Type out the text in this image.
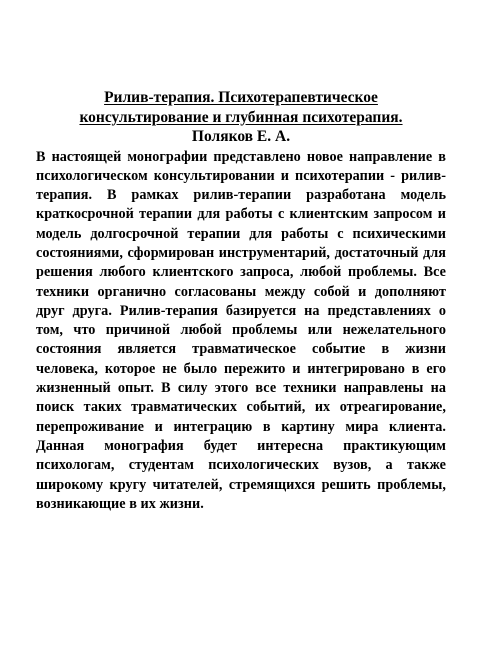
Рилив-терапия. Психотерапевтическое
консультирование и глубинная психотерапия.

Поляков Е. А.

В настоящей монографии представлено новое направление в психологическом консультировании и психотерапии - рилив-терапия. В рамках рилив-терапии разработана модель краткосрочной терапии для работы с клиентским запросом и модель долгосрочной терапии для работы с психическими состояниями, сформирован инструментарий, достаточный для решения любого клиентского запроса, любой проблемы. Все техники органично согласованы между собой и дополняют друг друга. Рилив-терапия базируется на представлениях о том, что причиной любой проблемы или нежелательного состояния является травматическое событие в жизни человека, которое не было пережито и интегрировано в его жизненный опыт. В силу этого все техники направлены на поиск таких травматических событий, их отреагирование, перепроживание и интеграцию в картину мира клиента. Данная монография будет интересна практикующим психологам, студентам психологических вузов, а также широкому кругу читателей, стремящихся решить проблемы, возникающие в их жизни.
